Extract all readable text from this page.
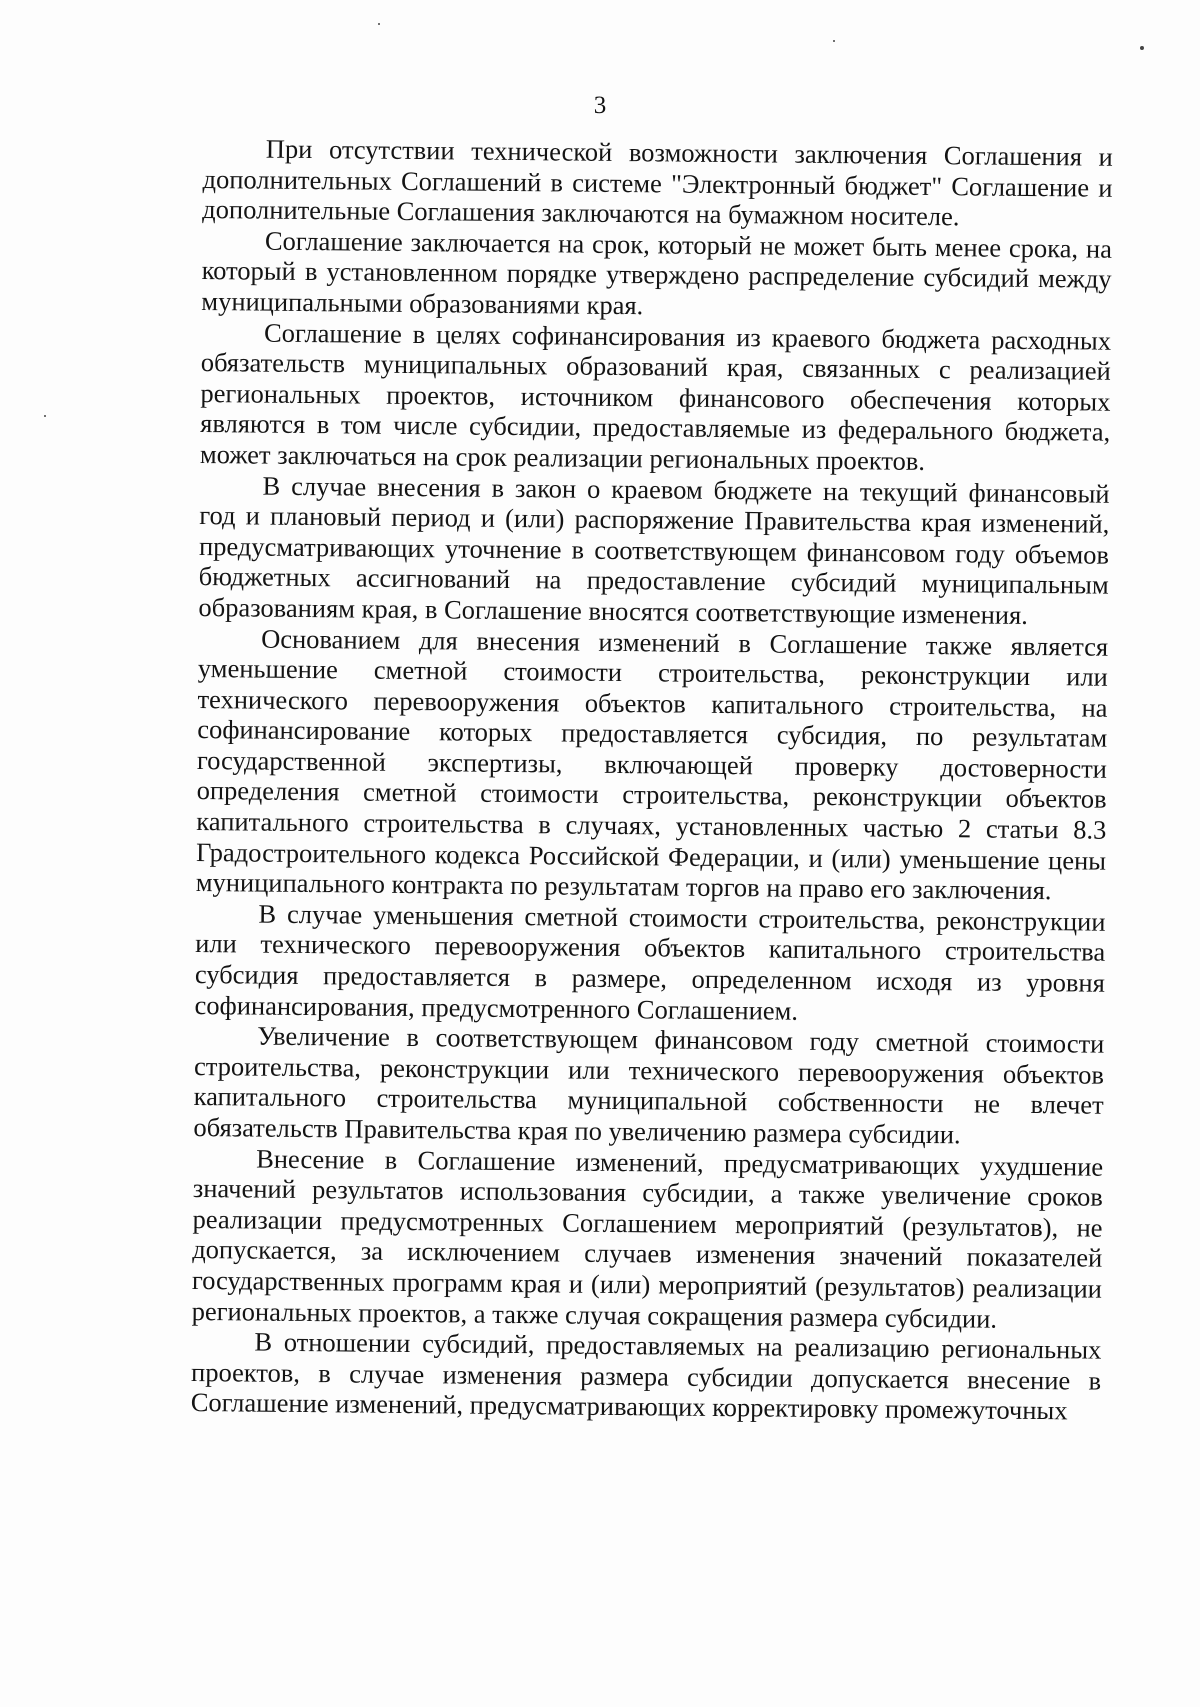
3

При отсутствии технической возможности заключения Соглашения и дополнительных Соглашений в системе "Электронный бюджет" Соглашение и дополнительные Соглашения заключаются на бумажном носителе.

Соглашение заключается на срок, который не может быть менее срока, на который в установленном порядке утверждено распределение субсидий между муниципальными образованиями края.

Соглашение в целях софинансирования из краевого бюджета расходных обязательств муниципальных образований края, связанных с реализацией региональных проектов, источником финансового обеспечения которых являются в том числе субсидии, предоставляемые из федерального бюджета, может заключаться на срок реализации региональных проектов.

В случае внесения в закон о краевом бюджете на текущий финансовый год и плановый период и (или) распоряжение Правительства края изменений, предусматривающих уточнение в соответствующем финансовом году объемов бюджетных ассигнований на предоставление субсидий муниципальным образованиям края, в Соглашение вносятся соответствующие изменения.

Основанием для внесения изменений в Соглашение также является уменьшение сметной стоимости строительства, реконструкции или технического перевооружения объектов капитального строительства, на софинансирование которых предоставляется субсидия, по результатам государственной экспертизы, включающей проверку достоверности определения сметной стоимости строительства, реконструкции объектов капитального строительства в случаях, установленных частью 2 статьи 8.3 Градостроительного кодекса Российской Федерации, и (или) уменьшение цены муниципального контракта по результатам торгов на право его заключения.

В случае уменьшения сметной стоимости строительства, реконструкции или технического перевооружения объектов капитального строительства субсидия предоставляется в размере, определенном исходя из уровня софинансирования, предусмотренного Соглашением.

Увеличение в соответствующем финансовом году сметной стоимости строительства, реконструкции или технического перевооружения объектов капитального строительства муниципальной собственности не влечет обязательств Правительства края по увеличению размера субсидии.

Внесение в Соглашение изменений, предусматривающих ухудшение значений результатов использования субсидии, а также увеличение сроков реализации предусмотренных Соглашением мероприятий (результатов), не допускается, за исключением случаев изменения значений показателей государственных программ края и (или) мероприятий (результатов) реализации региональных проектов, а также случая сокращения размера субсидии.

В отношении субсидий, предоставляемых на реализацию региональных проектов, в случае изменения размера субсидии допускается внесение в Соглашение изменений, предусматривающих корректировку промежуточных
